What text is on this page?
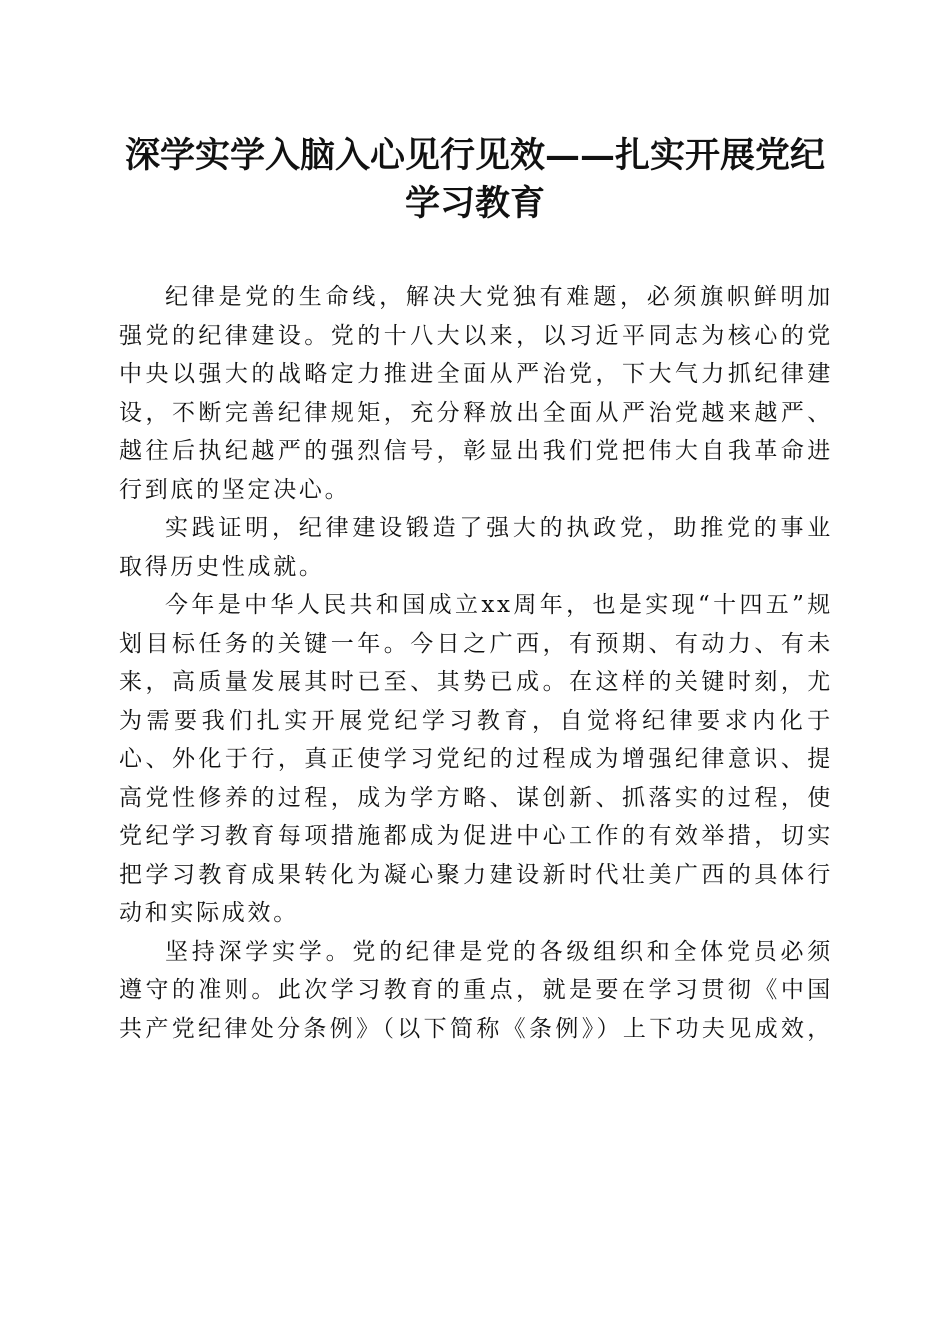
深学实学入脑入心见行见效——扎实开展党纪
学习教育

纪律是党的生命线，解决大党独有难题，必须旗帜鲜明加强党的纪律建设。党的十八大以来，以习近平同志为核心的党中央以强大的战略定力推进全面从严治党，下大气力抓纪律建设，不断完善纪律规矩，充分释放出全面从严治党越来越严、越往后执纪越严的强烈信号，彰显出我们党把伟大自我革命进行到底的坚定决心。

实践证明，纪律建设锻造了强大的执政党，助推党的事业取得历史性成就。

今年是中华人民共和国成立xx周年，也是实现“十四五”规划目标任务的关键一年。今日之广西，有预期、有动力、有未来，高质量发展其时已至、其势已成。在这样的关键时刻，尤为需要我们扎实开展党纪学习教育，自觉将纪律要求内化于心、外化于行，真正使学习党纪的过程成为增强纪律意识、提高党性修养的过程，成为学方略、谋创新、抓落实的过程，使党纪学习教育每项措施都成为促进中心工作的有效举措，切实把学习教育成果转化为凝心聚力建设新时代壮美广西的具体行动和实际成效。

坚持深学实学。党的纪律是党的各级组织和全体党员必须遵守的准则。此次学习教育的重点，就是要在学习贯彻《中国共产党纪律处分条例》（以下简称《条例》）上下功夫见成效，
